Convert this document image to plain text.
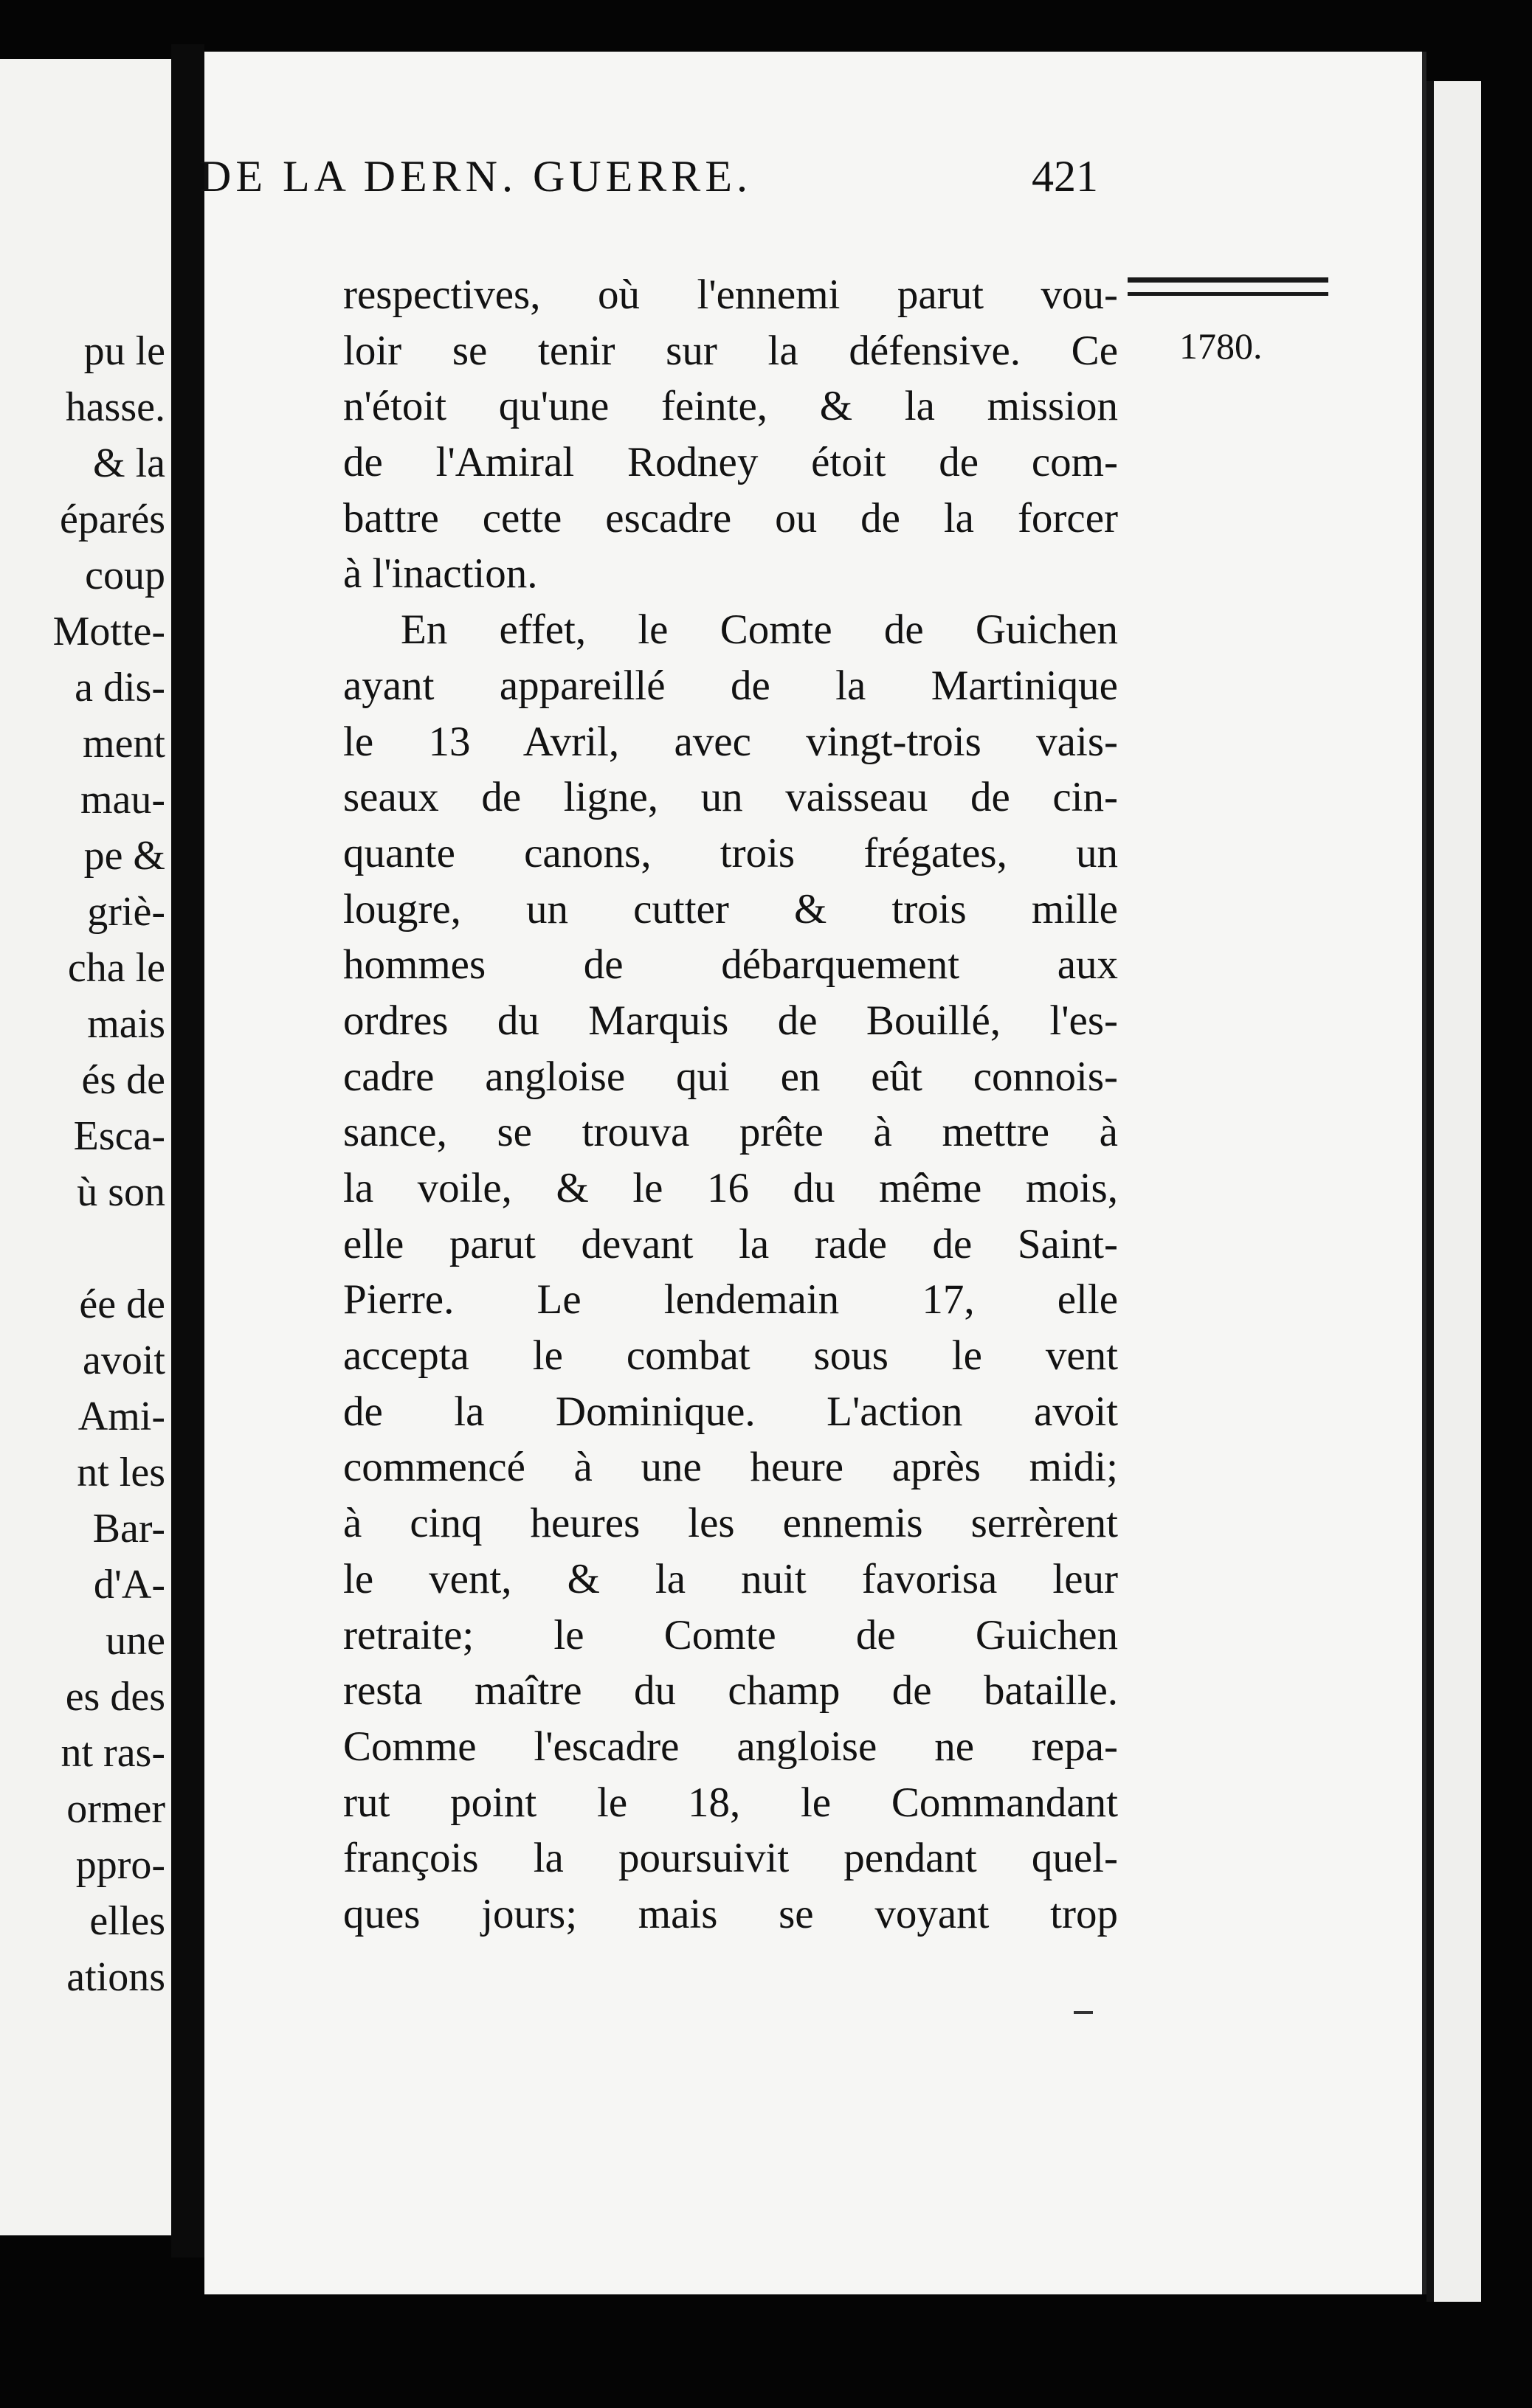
pu le

hasse.

& la

éparés

coup

Motte-

a dis-

ment

mau-

pe &

griè-

cha le

mais

és de

Esca-

ù son

ée de

avoit

Ami-

nt les

Bar-

d'A-

une

es des

nt ras-

ormer

ppro-

elles

ations

DE LA DERN. GUERRE.	421

1780.

respectives, où l'ennemi parut vou-
loir se tenir sur la défensive. Ce
n'étoit qu'une feinte, & la mission
de l'Amiral Rodney étoit de com-
battre cette escadre ou de la forcer
à l'inaction.
En effet, le Comte de Guichen
ayant appareillé de la Martinique
le 13 Avril, avec vingt-trois vais-
seaux de ligne, un vaisseau de cin-
quante canons, trois frégates, un
lougre, un cutter & trois mille
hommes de débarquement aux
ordres du Marquis de Bouillé, l'es-
cadre angloise qui en eût connois-
sance, se trouva prête à mettre à
la voile, & le 16 du même mois,
elle parut devant la rade de Saint-
Pierre. Le lendemain 17, elle
accepta le combat sous le vent
de la Dominique. L'action avoit
commencé à une heure après midi;
à cinq heures les ennemis serrèrent
le vent, & la nuit favorisa leur
retraite; le Comte de Guichen
resta maître du champ de bataille.
Comme l'escadre angloise ne repa-
rut point le 18, le Commandant
françois la poursuivit pendant quel-
ques jours; mais se voyant trop
